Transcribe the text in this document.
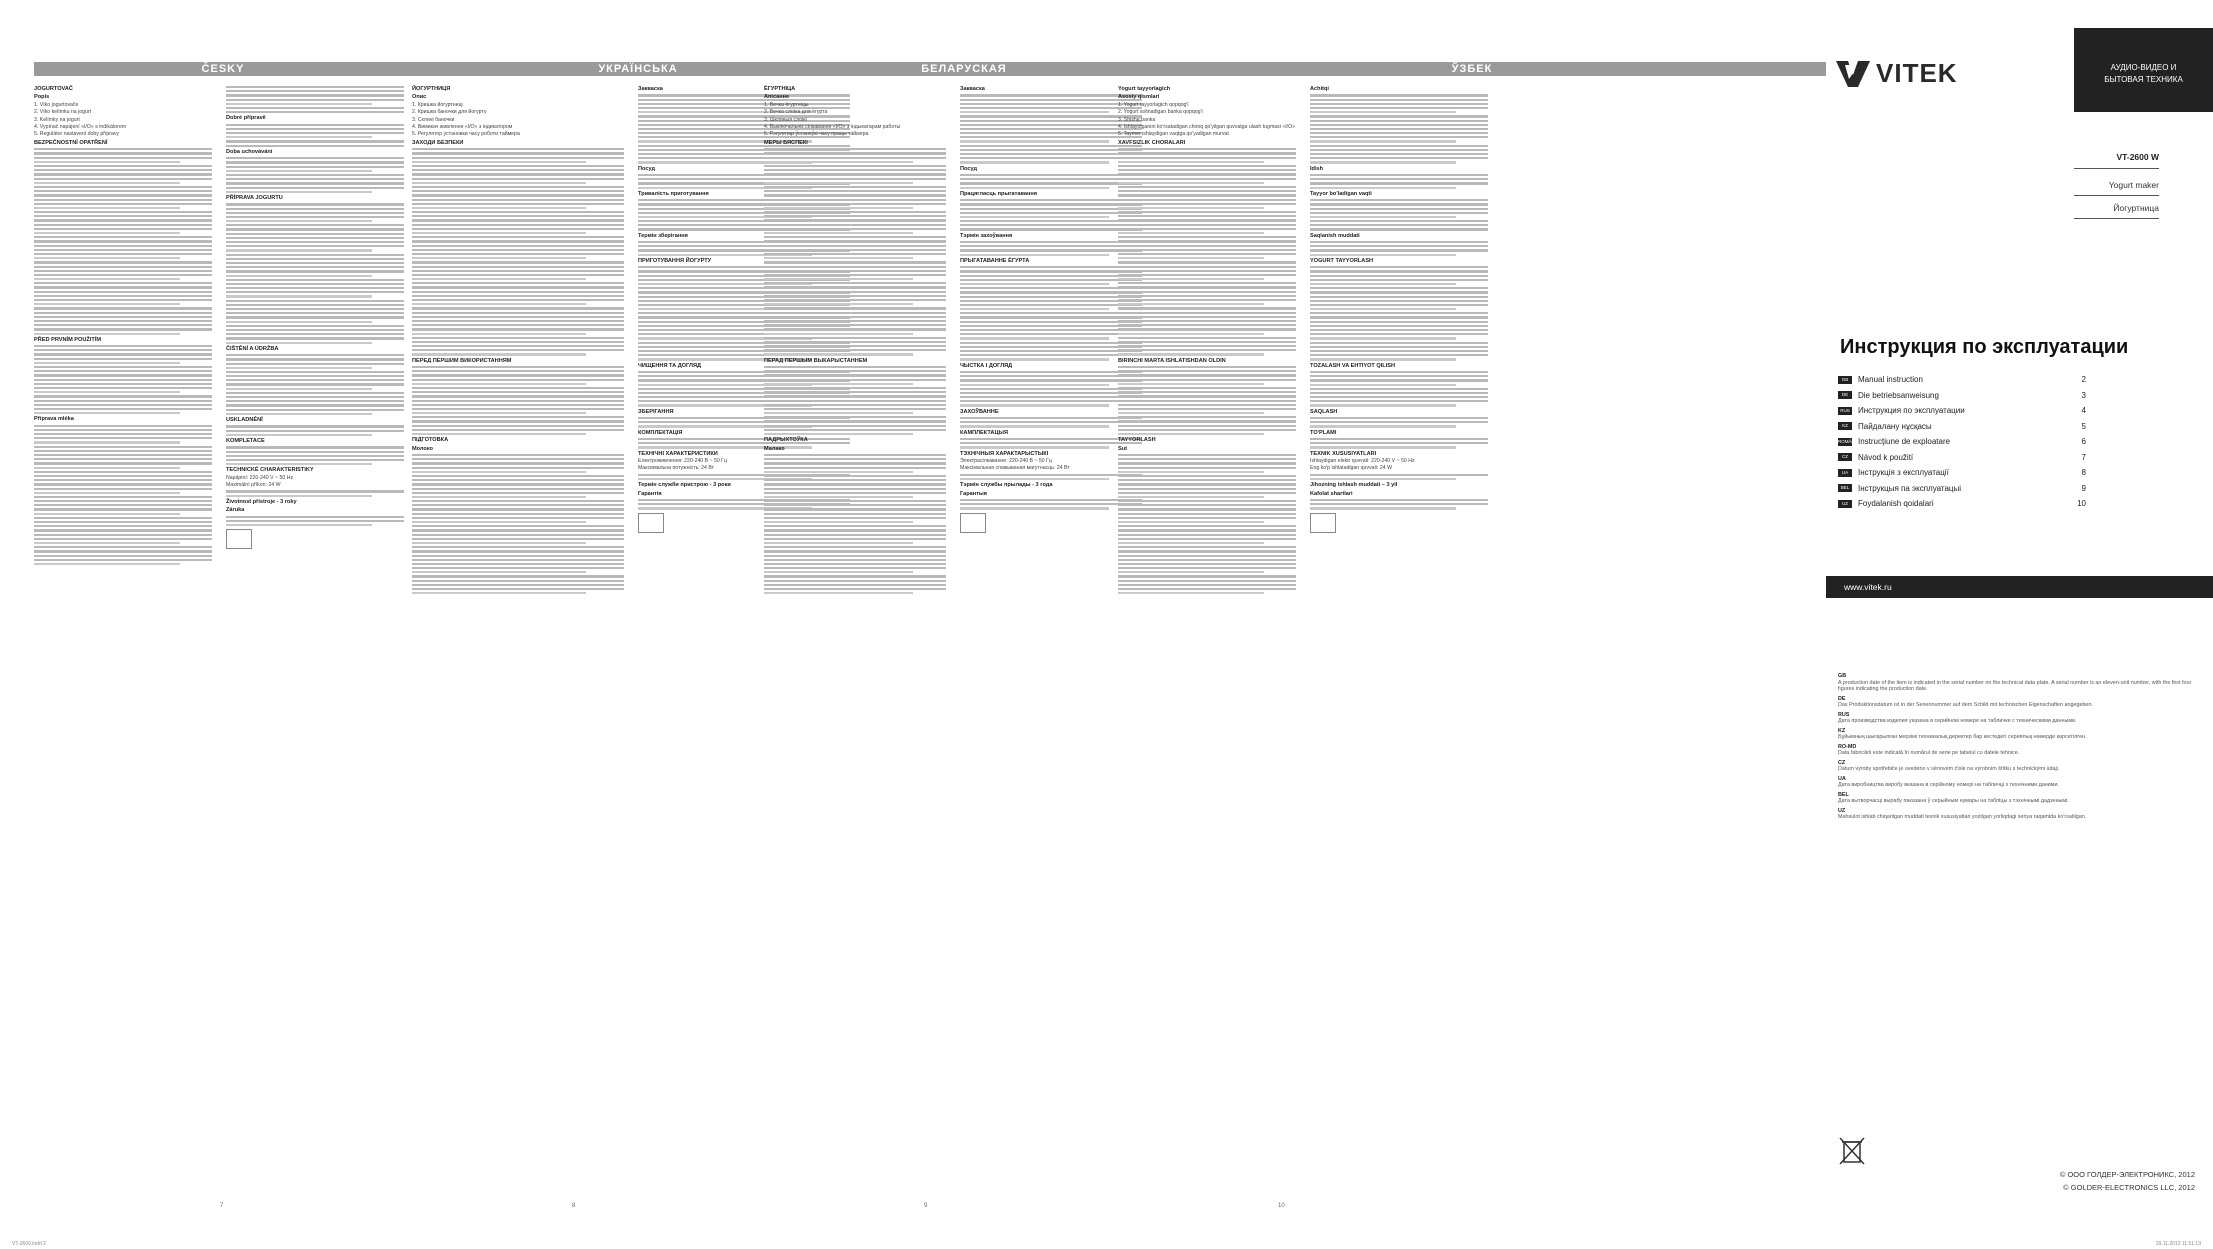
VT-2600.indd 2	29.11.2012 11:51:13
ČESKY
JOGURTOVAČ
Popis
1. Víko jogurtovače
2. Víko kelímku na jogurt
3. Kelímky na jogurt
4. Vypínač napájení «I/O» s indikátorem
5. Regulátor nastavení doby přípravy
BEZPEČNOSTNÍ OPATŘENÍ
PŘED PRVNÍM POUŽITÍM
Příprava mléka
Dobré přípravě
Doba uchovávání
PŘÍPRAVA JOGURTU
ČIŠTĚNÍ A ÚDRŽBA
USKLADNĚNÍ
KOMPLETACE
TECHNICKÉ CHARAKTERISTIKY
Napájení: 220-240 V ~ 50 Hz
Maximální příkon: 24 W
Životnost přístroje - 3 roky
Záruka
7
УКРАЇНСЬКА
ЙОГУРТНИЦЯ
Опис
1. Кришка йогуртниці
2. Кришка баночки для йогурту
3. Скляні баночки
4. Вимикач живлення «I/O» з індикатором
5. Регулятор установки часу роботи таймера
ЗАХОДИ БЕЗПЕКИ
ПЕРЕД ПЕРШИМ ВИКОРИСТАННЯМ
ПІДГОТОВКА
Молоко
Закваска
Посуд
Тривалість приготування
Термін зберігання
ПРИГОТУВАННЯ ЙОГУРТУ
ЧИЩЕННЯ ТА ДОГЛЯД
ЗБЕРІГАННЯ
КОМПЛЕКТАЦІЯ
ТЕХНІЧНІ ХАРАКТЕРИСТИКИ
Електроживлення: 220-240 В ~ 50 Гц
Максимальна потужність: 24 Вт
Термін служби пристрою - 3 роки
Гарантія
8
БЕЛАРУСКАЯ
ЁГУРТНІЦА
Апісанне
1. Вечка ёгуртніцы
2. Вечка слоіка для ёгурта
3. Шкляныя слоікі
4. Выключальнік сілкавання «I/O» з індыкатарам работы
5. Рэгулятар ўстаноўкі часу працы таймера
МЕРЫ БЯСПЕКІ
ПЕРАД ПЕРШЫМ ВЫКАРЫСТАННЕМ
ПАДРЫХТОЎКА
Малако
Закваска
Посуд
Працягласць прыгатавання
Тэрмін захоўвання
ПРЫГАТАВАННЕ ЁГУРТА
ЧЫСТКА І ДОГЛЯД
ЗАХОЎВАННЕ
КАМПЛЕКТАЦЫЯ
ТЭХНІЧНЫЯ ХАРАКТАРЫСТЫКІ
Электрасілкаванне: 220-240 В ~ 50 Гц
Максімальная спажываная магутнасць: 24 Вт
Тэрмін службы прылады - 3 года
Гарантыя
9
ЎЗБЕК
Yogurt tayyorlagich
Asosiy qismlari
1. Yogurt tayyorlagich qopqog'i
2. Yogurt solinadigan banka qopqog'i
3. Shisha banka
4. Ishlayotganini ko'rsatadigan chiroq qo'yilgan quvvatga ulash tugmasi «I/O»
5. Taymer ishlaydigan vaqtga qo'yadigan murvat
XAVFSIZLIK CHORALARI
BIRINCHI MARTA ISHLATISHDAN OLDIN
TAYYORLASH
Sut
Achitqi
Idish
Tayyor bo'ladigan vaqti
Saqlanish muddati
YOGURT TAYYORLASH
TOZALASH VA EHTIYOT QILISH
SAQLASH
TO'PLAMI
TEXNIK XUSUSIYATLARI
Ishlaydigan elektr quvvati: 220-240 V ~ 50 Hz
Eng ko'p ishlatadigan quvvati: 24 W
Jihozning ishlash muddati – 3 yil
Kafolat shartlari
10
VITEK	АУДИО-ВИДЕО И
БЫТОВАЯ ТЕХНИКА
VT-2600 W
Yogurt maker
Йогуртница
Инструкция по эксплуатации
GB	Manual instruction	2
DE	Die betriebsanweisung	3
RUS Инструкция по эксплуатации	4
KZ	Пайдалану нұсқасы	5
ROMÂNĂ Instrucţiune de exploatare	6
CZ	Návod k použití	7
UA	Інструкція з експлуатації	8
BEL	Інструкцыя па эксплуатацыі	9
UZ	Foydalanish qoidalari	10
www.vitek.ru
GB
A production date of the item is indicated in the serial number on the technical data plate. A serial number is an eleven-unit number, with the first four figures indicating the production date.
DE
Das Produktionsdatum ist in der Seriennummer auf dem Schild mit technischen Eigenschaften angegeben.
RUS
Дата производства изделия указана в серийном номере на табличке с техническими данными.
KZ
Бұйымның шығарылған мерзімі техникалық деректер бар кестедегі сериялық нөмерде көрсетілген.
RO-MD
Data fabricării este indicată în numărul de serie pe tabelul cu datele tehnice.
CZ
Datum výroby spotřebiče je uvedeno v sériovém čísle na výrobním štítku s technickými údaji.
UA
Дата виробництва виробу вказана в серійному номері на табличці з технічними даними.
BEL
Дата вытворчасці вырабу паказана ў серыйным нумары на табліцы з тэхнічнымі дадзенымі.
UZ
Mahsulot ishlab chiqarilgan muddati texnik xususiyatlari yozilgan yorliqdagi seriya raqamida ko'rsatilgan.
© ООО ГОЛДЕР-ЭЛЕКТРОНИКС, 2012
© GOLDER-ELECTRONICS LLC, 2012
